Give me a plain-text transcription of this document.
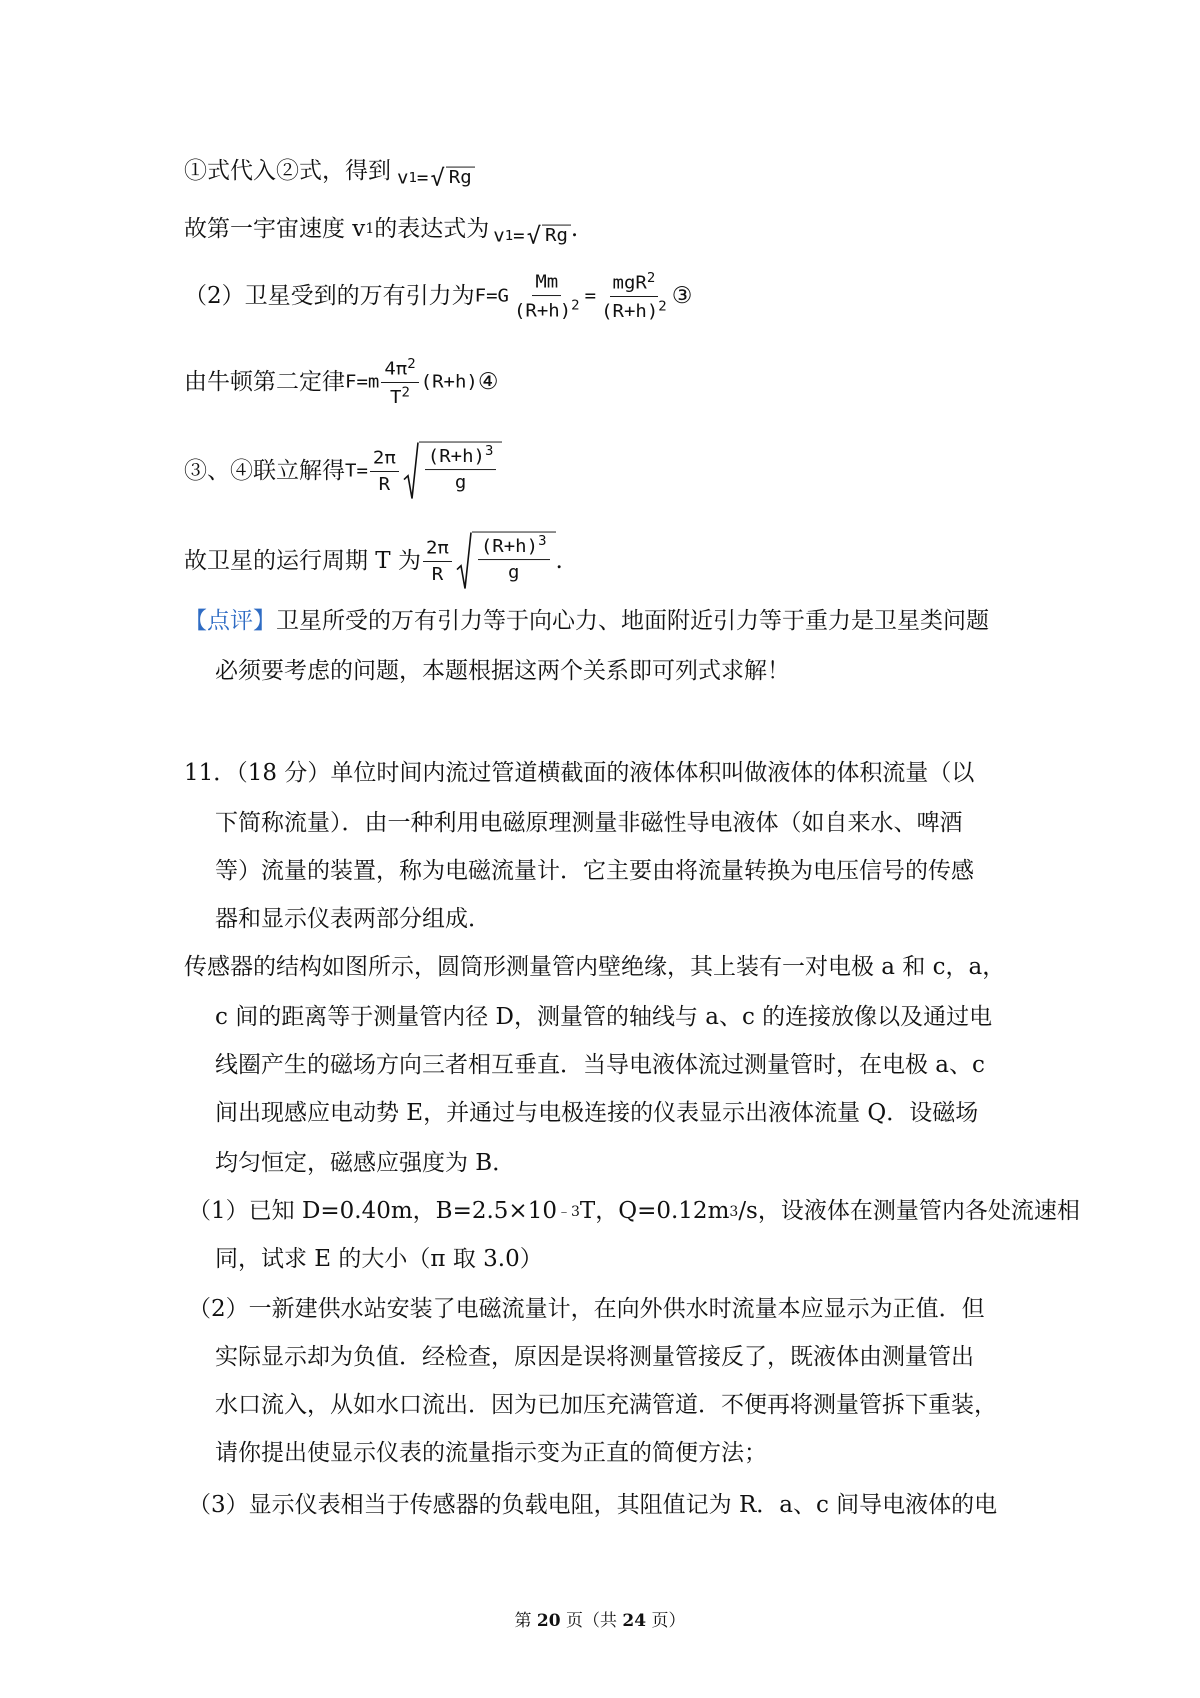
①式代入②式，得到 v 1 = √ Rg
故第一宇宙速度 v 1 的表达式为 v 1 = √ Rg .
（2）卫星受到的万有引力为 $F=G \frac{Mm}{(R+h)^2} = \frac{mgR^2}{(R+h)^2}$ ③
由牛顿第二定律 $F=m \frac{4\pi^2}{T^2} (R+h)$ ④
③、④联立解得 $T= \frac{2\pi}{R} \frac{(R+h)^3}{g}$
故卫星的运行周期 T 为 $\frac{2\pi}{R} \frac{(R+h)^3}{g}$ .
【点评】 卫星所受的万有引力等于向心力、地面附近引力等于重力是卫星类问题
必须要考虑的问题，本题根据这两个关系即可列式求解！
11．（18 分）单位时间内流过管道横截面的液体体积叫做液体的体积流量（以
下简称流量）．由一种利用电磁原理测量非磁性导电液体（如自来水、啤酒
等）流量的装置，称为电磁流量计．它主要由将流量转换为电压信号的传感
器和显示仪表两部分组成．
传感器的结构如图所示，圆筒形测量管内壁绝缘，其上装有一对电极 a 和 c，a，
c 间的距离等于测量管内径 D，测量管的轴线与 a、c 的连接放像以及通过电
线圈产生的磁场方向三者相互垂直．当导电液体流过测量管时，在电极 a、c
间出现感应电动势 E，并通过与电极连接的仪表显示出液体流量 Q．设磁场
均匀恒定，磁感应强度为 B．
（1）已知 D=0.40m，B=2.5×10 ﹣3 T，Q=0.12m 3 /s，设液体在测量管内各处流速相
同，试求 E 的大小（π 取 3.0）
（2）一新建供水站安装了电磁流量计，在向外供水时流量本应显示为正值．但
实际显示却为负值．经检查，原因是误将测量管接反了，既液体由测量管出
水口流入，从如水口流出．因为已加压充满管道．不便再将测量管拆下重装，
请你提出使显示仪表的流量指示变为正直的简便方法；
（3）显示仪表相当于传感器的负载电阻，其阻值记为 R．a、c 间导电液体的电
第 20 页（共 24 页）
